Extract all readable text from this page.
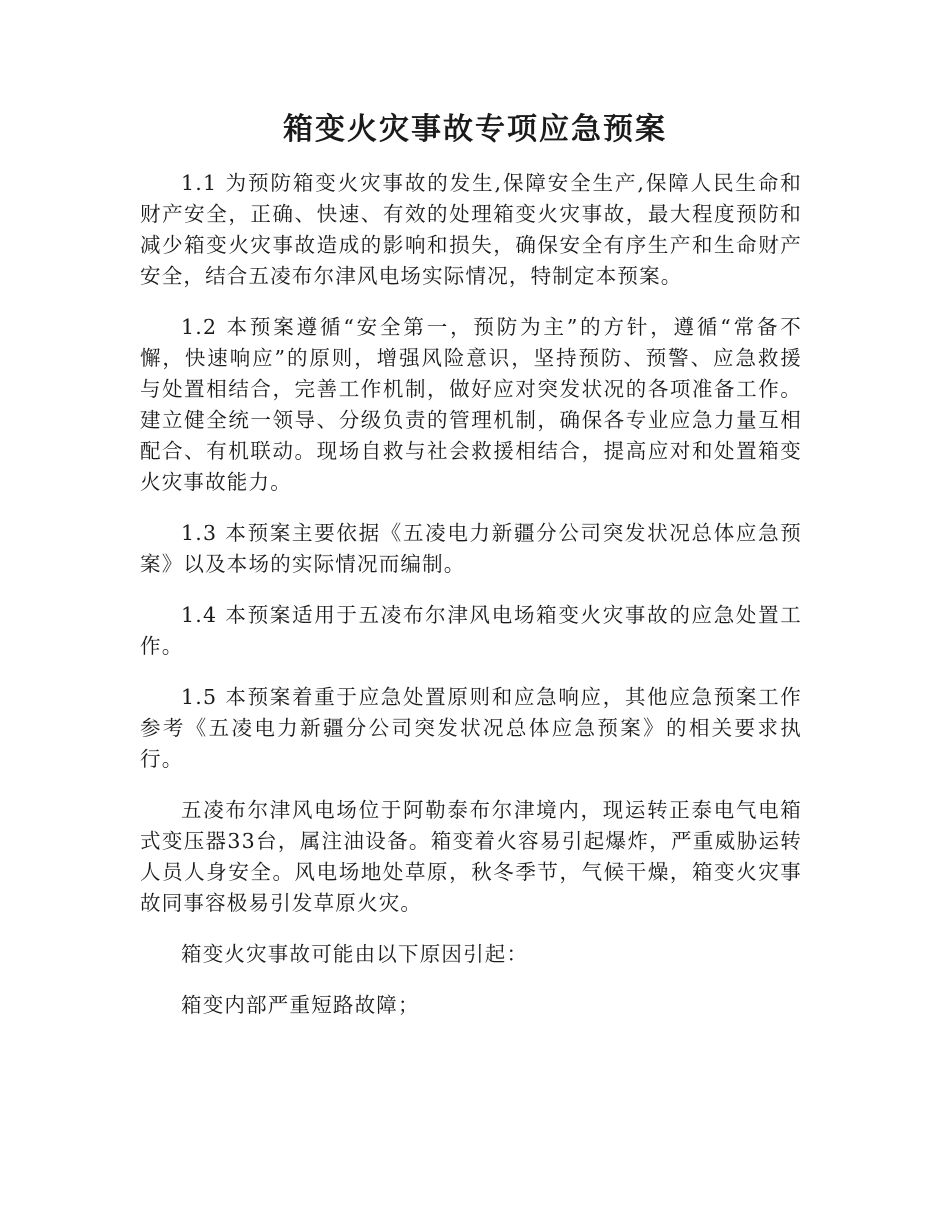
箱变火灾事故专项应急预案

1.1 为预防箱变火灾事故的发生,保障安全生产,保障人民生命和财产安全，正确、快速、有效的处理箱变火灾事故，最大程度预防和减少箱变火灾事故造成的影响和损失，确保安全有序生产和生命财产安全，结合五凌布尔津风电场实际情况，特制定本预案。

1.2 本预案遵循“安全第一，预防为主”的方针，遵循“常备不懈，快速响应”的原则，增强风险意识，坚持预防、预警、应急救援与处置相结合，完善工作机制，做好应对突发状况的各项准备工作。建立健全统一领导、分级负责的管理机制，确保各专业应急力量互相配合、有机联动。现场自救与社会救援相结合，提高应对和处置箱变火灾事故能力。

1.3 本预案主要依据《五凌电力新疆分公司突发状况总体应急预案》以及本场的实际情况而编制。

1.4 本预案适用于五凌布尔津风电场箱变火灾事故的应急处置工作。

1.5 本预案着重于应急处置原则和应急响应，其他应急预案工作参考《五凌电力新疆分公司突发状况总体应急预案》的相关要求执行。

五凌布尔津风电场位于阿勒泰布尔津境内，现运转正泰电气电箱式变压器33台，属注油设备。箱变着火容易引起爆炸，严重威胁运转人员人身安全。风电场地处草原，秋冬季节，气候干燥，箱变火灾事故同事容极易引发草原火灾。

箱变火灾事故可能由以下原因引起：

箱变内部严重短路故障；
